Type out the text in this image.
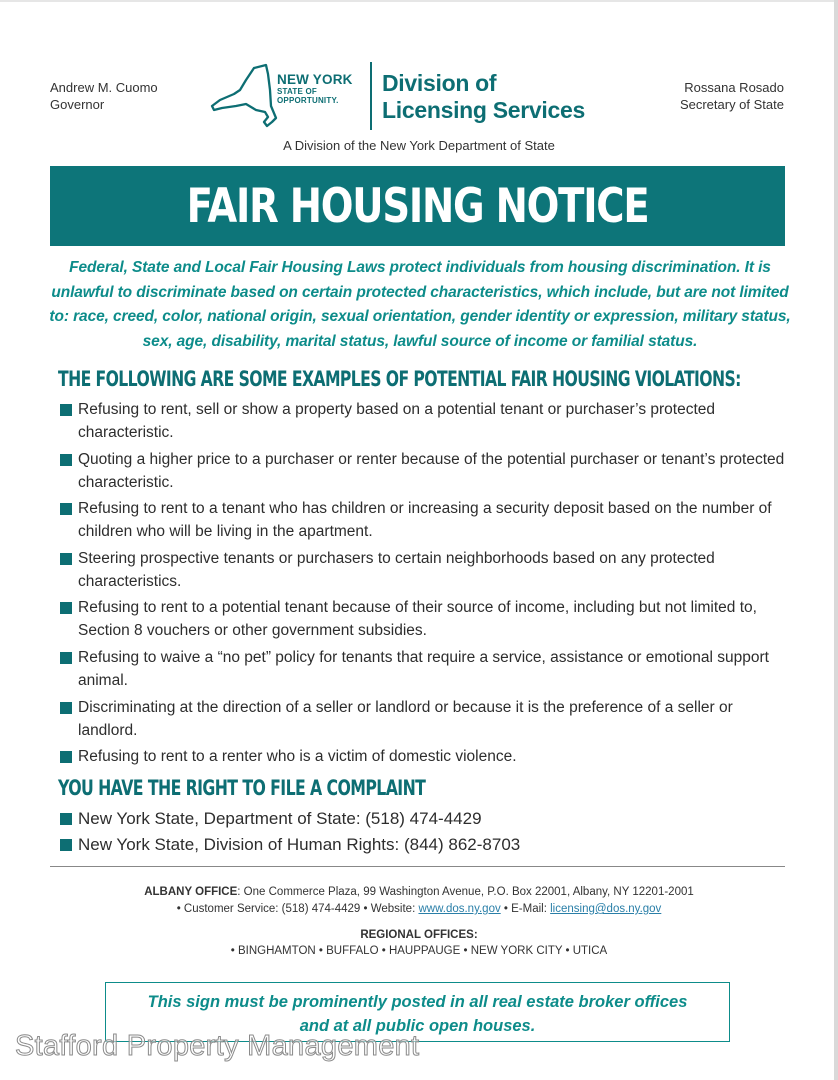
Andrew M. Cuomo
Governor
NEW YORK
STATE OF
OPPORTUNITY.
Division of
Licensing Services
Rossana Rosado
Secretary of State
A Division of the New York Department of State
FAIR HOUSING NOTICE
Federal, State and Local Fair Housing Laws protect individuals from housing discrimination. It is unlawful to discriminate based on certain protected characteristics, which include, but are not limited to: race, creed, color, national origin, sexual orientation, gender identity or expression, military status, sex, age, disability, marital status, lawful source of income or familial status.
THE FOLLOWING ARE SOME EXAMPLES OF POTENTIAL FAIR HOUSING VIOLATIONS:
Refusing to rent, sell or show a property based on a potential tenant or purchaser’s protected characteristic.
Quoting a higher price to a purchaser or renter because of the potential purchaser or tenant’s protected characteristic.
Refusing to rent to a tenant who has children or increasing a security deposit based on the number of children who will be living in the apartment.
Steering prospective tenants or purchasers to certain neighborhoods based on any protected characteristics.
Refusing to rent to a potential tenant because of their source of income, including but not limited to, Section 8 vouchers or other government subsidies.
Refusing to waive a “no pet” policy for tenants that require a service, assistance or emotional support animal.
Discriminating at the direction of a seller or landlord or because it is the preference of a seller or landlord.
Refusing to rent to a renter who is a victim of domestic violence.
YOU HAVE THE RIGHT TO FILE A COMPLAINT
New York State, Department of State: (518) 474-4429
New York State, Division of Human Rights: (844) 862-8703
ALBANY OFFICE: One Commerce Plaza, 99 Washington Avenue, P.O. Box 22001, Albany, NY 12201-2001
• Customer Service: (518) 474-4429 • Website: www.dos.ny.gov • E-Mail: licensing@dos.ny.gov
REGIONAL OFFICES:
• BINGHAMTON • BUFFALO • HAUPPAUGE • NEW YORK CITY • UTICA
This sign must be prominently posted in all real estate broker offices
and at all public open houses.
Stafford Property Management
